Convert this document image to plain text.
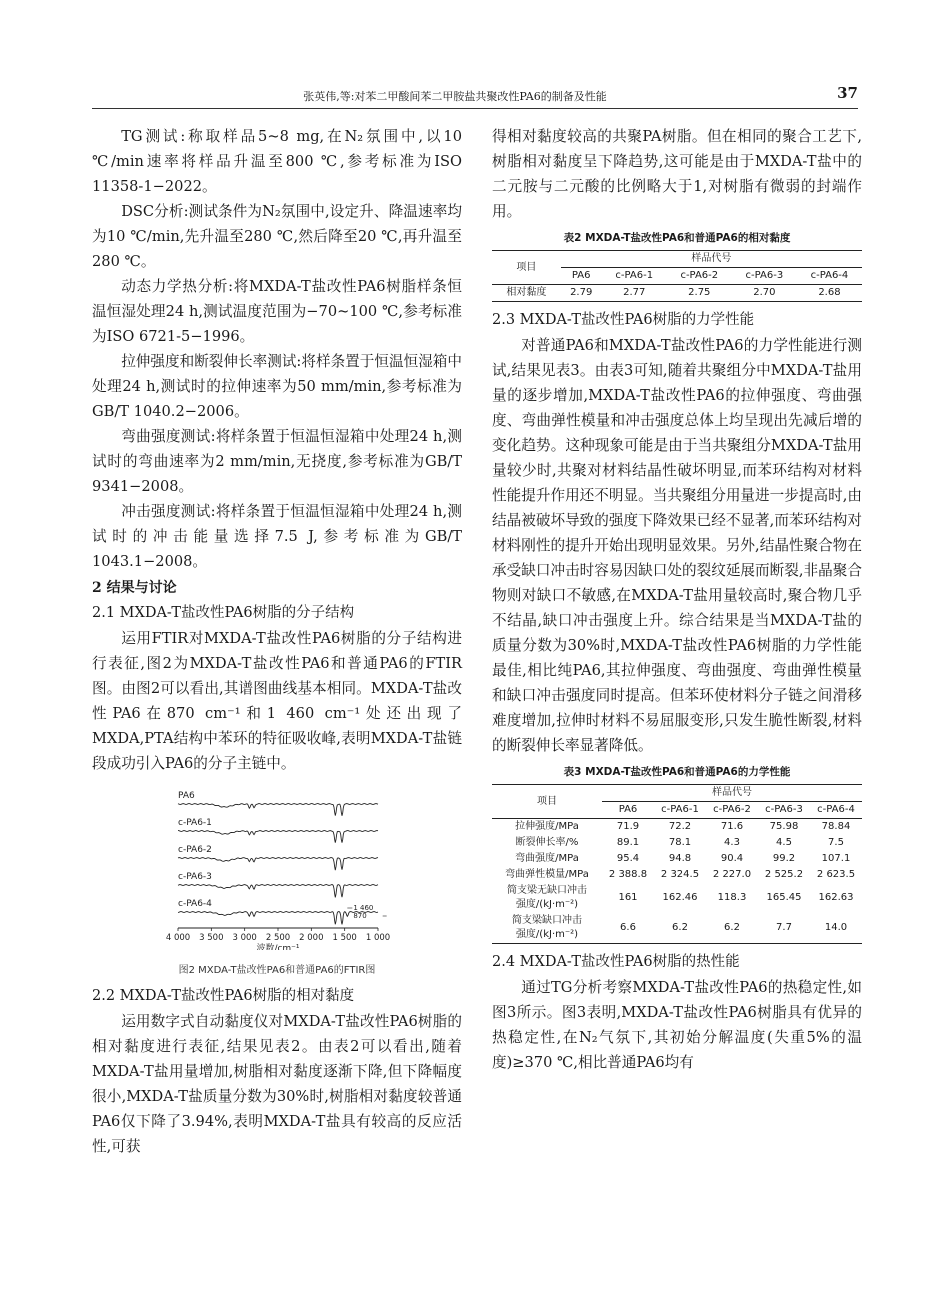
张英伟,等:对苯二甲酸间苯二甲胺盐共聚改性PA6的制备及性能	37

TG测试:称取样品5~8 mg,在N₂氛围中,以10 ℃/min速率将样品升温至800 ℃,参考标准为ISO 11358-1−2022。

DSC分析:测试条件为N₂氛围中,设定升、降温速率均为10 ℃/min,先升温至280 ℃,然后降至20 ℃,再升温至280 ℃。

动态力学热分析:将MXDA-T盐改性PA6树脂样条恒温恒湿处理24 h,测试温度范围为−70~100 ℃,参考标准为ISO 6721-5−1996。

拉伸强度和断裂伸长率测试:将样条置于恒温恒湿箱中处理24 h,测试时的拉伸速率为50 mm/min,参考标准为GB/T 1040.2−2006。

弯曲强度测试:将样条置于恒温恒湿箱中处理24 h,测试时的弯曲速率为2 mm/min,无挠度,参考标准为GB/T 9341−2008。

冲击强度测试:将样条置于恒温恒湿箱中处理24 h,测试时的冲击能量选择7.5 J,参考标准为GB/T 1043.1−2008。

2 结果与讨论
2.1 MXDA-T盐改性PA6树脂的分子结构

运用FTIR对MXDA-T盐改性PA6树脂的分子结构进行表征,图2为MXDA-T盐改性PA6和普通PA6的FTIR图。由图2可以看出,其谱图曲线基本相同。MXDA-T盐改性PA6在870 cm⁻¹和1 460 cm⁻¹处还出现了MXDA,PTA结构中苯环的特征吸收峰,表明MXDA-T盐链段成功引入PA6的分子主链中。

PA6
c-PA6-1
c-PA6-2
c-PA6-3
c-PA6-4
4 000 3 500 3 000 2 500 2 000 1 500 1 000
波数/cm⁻¹
1 460
870
图2 MXDA-T盐改性PA6和普通PA6的FTIR图
2.2 MXDA-T盐改性PA6树脂的相对黏度

运用数字式自动黏度仪对MXDA-T盐改性PA6树脂的相对黏度进行表征,结果见表2。由表2可以看出,随着MXDA-T盐用量增加,树脂相对黏度逐渐下降,但下降幅度很小,MXDA-T盐质量分数为30%时,树脂相对黏度较普通PA6仅下降了3.94%,表明MXDA-T盐具有较高的反应活性,可获

得相对黏度较高的共聚PA树脂。但在相同的聚合工艺下,树脂相对黏度呈下降趋势,这可能是由于MXDA-T盐中的二元胺与二元酸的比例略大于1,对树脂有微弱的封端作用。

表2 MXDA-T盐改性PA6和普通PA6的相对黏度
项目	样品代号				
	PA6	c-PA6-1	c-PA6-2	c-PA6-3	c-PA6-4
相对黏度	2.79	2.77	2.75	2.70	2.68
2.3 MXDA-T盐改性PA6树脂的力学性能

对普通PA6和MXDA-T盐改性PA6的力学性能进行测试,结果见表3。由表3可知,随着共聚组分中MXDA-T盐用量的逐步增加,MXDA-T盐改性PA6的拉伸强度、弯曲强度、弯曲弹性模量和冲击强度总体上均呈现出先减后增的变化趋势。这种现象可能是由于当共聚组分MXDA-T盐用量较少时,共聚对材料结晶性破坏明显,而苯环结构对材料性能提升作用还不明显。当共聚组分用量进一步提高时,由结晶被破坏导致的强度下降效果已经不显著,而苯环结构对材料刚性的提升开始出现明显效果。另外,结晶性聚合物在承受缺口冲击时容易因缺口处的裂纹延展而断裂,非晶聚合物则对缺口不敏感,在MXDA-T盐用量较高时,聚合物几乎不结晶,缺口冲击强度上升。综合结果是当MXDA-T盐的质量分数为30%时,MXDA-T盐改性PA6树脂的力学性能最佳,相比纯PA6,其拉伸强度、弯曲强度、弯曲弹性模量和缺口冲击强度同时提高。但苯环使材料分子链之间滑移难度增加,拉伸时材料不易屈服变形,只发生脆性断裂,材料的断裂伸长率显著降低。

表3 MXDA-T盐改性PA6和普通PA6的力学性能
项目	样品代号				
	PA6	c-PA6-1	c-PA6-2	c-PA6-3	c-PA6-4
拉伸强度/MPa	71.9	72.2	71.6	75.98	78.84
断裂伸长率/%	89.1	78.1	4.3	4.5	7.5
弯曲强度/MPa	95.4	94.8	90.4	99.2	107.1
弯曲弹性模量/MPa	2 388.8	2 324.5	2 227.0	2 525.2	2 623.5
简支梁无缺口冲击
强度/(kJ·m⁻²)	161	162.46	118.3	165.45	162.63
简支梁缺口冲击
强度/(kJ·m⁻²)	6.6	6.2	6.2	7.7	14.0
2.4 MXDA-T盐改性PA6树脂的热性能

通过TG分析考察MXDA-T盐改性PA6的热稳定性,如图3所示。图3表明,MXDA-T盐改性PA6树脂具有优异的热稳定性,在N₂气氛下,其初始分解温度(失重5%的温度)≥370 ℃,相比普通PA6均有
